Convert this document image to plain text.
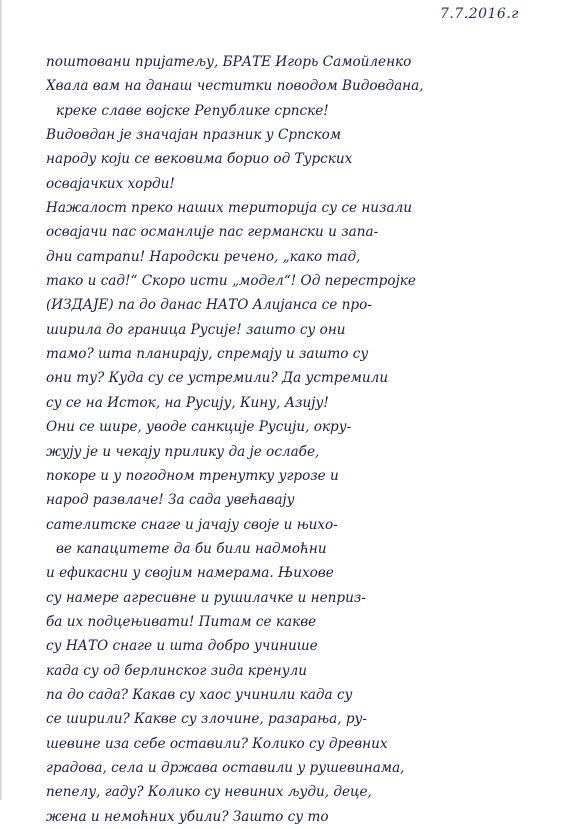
7.7.2016.г
поштовани пријатељу, БРАТЕ Игорь Самойленко
Хвала вам на данаш честитки поводом Видовдана,
креке славе војске Републике српске!
Видовдан је значајан празник у Српском
народу који се вековима борио од Турских
освајачких хорди!
Нажалост преко наших територија су се низали
освајачи пас османлије пас германски и запа-
дни сатрапи! Народски речено, „како тад,
тако и сад!“ Скоро исти „модел“! Од перестројке
(ИЗДАЈЕ) па до данас НАТО Алијанса се про-
ширила до граница Русије! зашто су они
тамо? шта планирају, спремају и зашто су
они ту? Куда су се устремили? Да устремили
су се на Исток, на Русију, Кину, Азију!
Они се ширe, уводе санкције Русији, окру-
жују је и чекају прилику да је ослабе,
покоре и у погодном тренутку угрозе и
народ развлаче! За сада увећавају
сателитске снаге и јачају своје и њихо-
ве капацитете да би били надмоћни
и ефикасни у својим намерама. Њихове
су намере агресивне и рушилачке и неприз-
ба их подцењивати! Питам се какве
су НАТО снаге и шта добро учинише
када су од берлинског зида кренули
па до сада? Какав су хаос учинили када су
се ширили? Какве су злочине, разарања, ру-
шевине иза себе оставили? Колико су древних
градова, села и држава оставили у рушевинама,
пепелу, гаду? Колико су невиних људи, деце,
жена и немоћних убили? Зашто су то
